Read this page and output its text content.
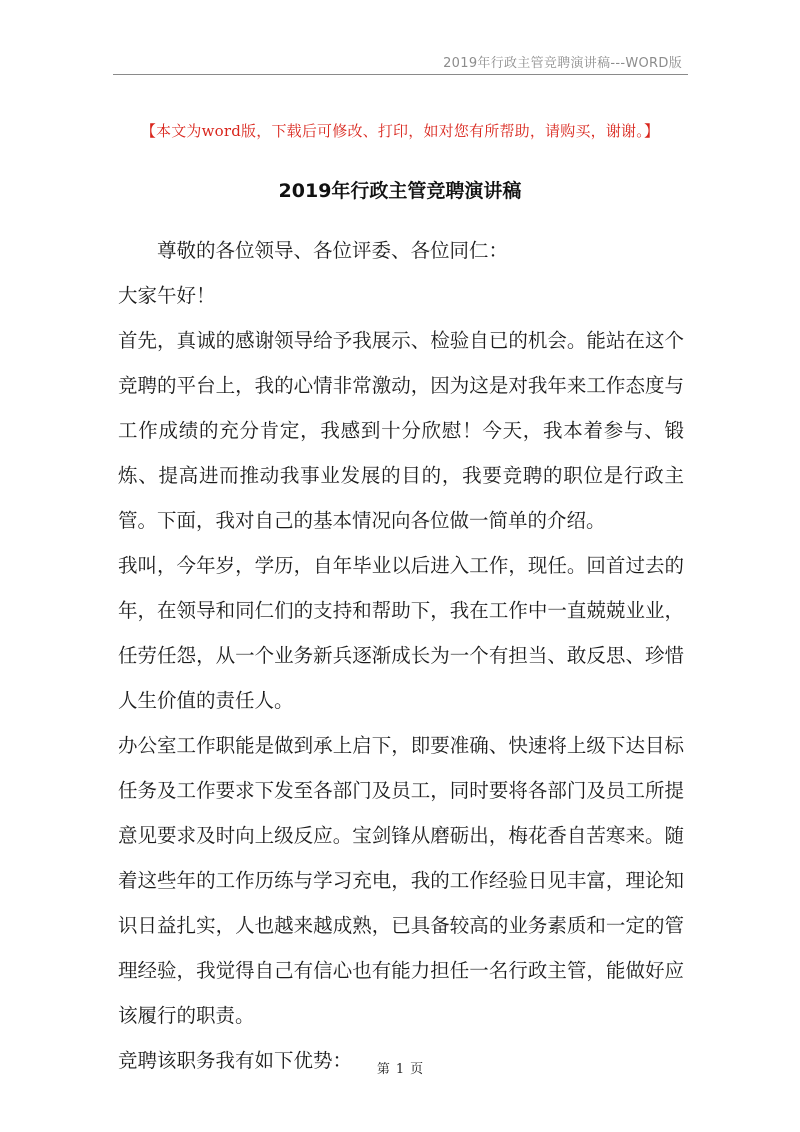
2019年行政主管竞聘演讲稿---WORD版
【本文为word版，下载后可修改、打印，如对您有所帮助，请购买，谢谢。】
2019年行政主管竞聘演讲稿

尊敬的各位领导、各位评委、各位同仁：

大家午好！

首先，真诚的感谢领导给予我展示、检验自已的机会。能站在这个竞聘的平台上，我的心情非常激动，因为这是对我年来工作态度与工作成绩的充分肯定，我感到十分欣慰！今天，我本着参与、锻炼、提高进而推动我事业发展的目的，我要竞聘的职位是行政主管。下面，我对自己的基本情况向各位做一简单的介绍。

我叫，今年岁，学历，自年毕业以后进入工作，现任。回首过去的年，在领导和同仁们的支持和帮助下，我在工作中一直兢兢业业，任劳任怨，从一个业务新兵逐渐成长为一个有担当、敢反思、珍惜人生价值的责任人。

办公室工作职能是做到承上启下，即要准确、快速将上级下达目标任务及工作要求下发至各部门及员工，同时要将各部门及员工所提意见要求及时向上级反应。宝剑锋从磨砺出，梅花香自苦寒来。随着这些年的工作历练与学习充电，我的工作经验日见丰富，理论知识日益扎实，人也越来越成熟，已具备较高的业务素质和一定的管理经验，我觉得自己有信心也有能力担任一名行政主管，能做好应该履行的职责。

竞聘该职务我有如下优势：	第 1 页
